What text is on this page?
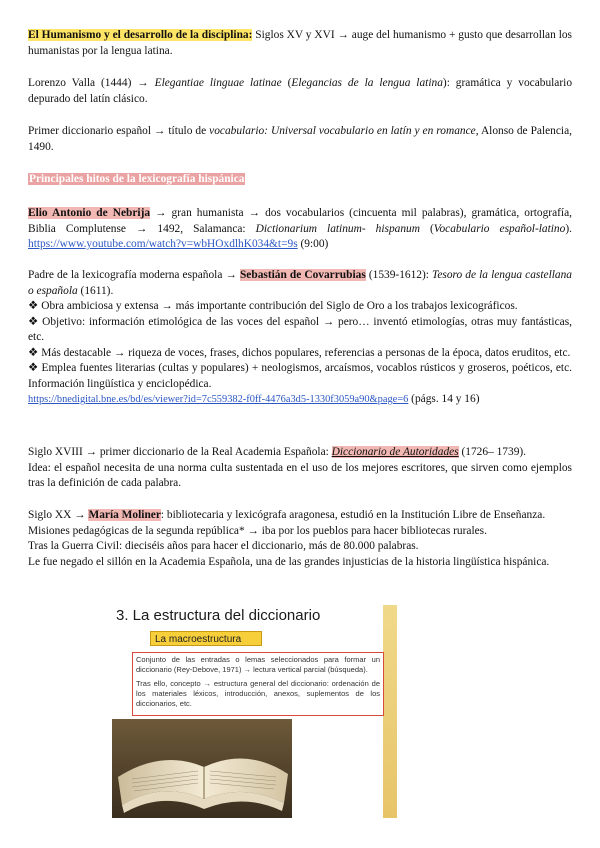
El Humanismo y el desarrollo de la disciplina: Siglos XV y XVI → auge del humanismo + gusto que desarrollan los humanistas por la lengua latina.

Lorenzo Valla (1444) → Elegantiae linguae latinae (Elegancias de la lengua latina): gramática y vocabulario depurado del latín clásico.

Primer diccionario español → título de vocabulario: Universal vocabulario en latín y en romance, Alonso de Palencia, 1490.

Principales hitos de la lexicografía hispánica

Elio Antonio de Nebrija → gran humanista → dos vocabularios (cincuenta mil palabras), gramática, ortografía, Biblia Complutense → 1492, Salamanca: Dictionarium latinum- hispanum (Vocabulario español-latino). https://www.youtube.com/watch?v=wbHOxdlhK034&t=9s (9:00)

Padre de la lexicografía moderna española → Sebastián de Covarrubias (1539-1612): Tesoro de la lengua castellana o española (1611).
❖ Obra ambiciosa y extensa → más importante contribución del Siglo de Oro a los trabajos lexicográficos.
❖ Objetivo: información etimológica de las voces del español → pero… inventó etimologías, otras muy fantásticas, etc.
❖ Más destacable → riqueza de voces, frases, dichos populares, referencias a personas de la época, datos eruditos, etc.
❖ Emplea fuentes literarias (cultas y populares) + neologismos, arcaísmos, vocablos rústicos y groseros, poéticos, etc. Información lingüística y enciclopédica.
https://bnedigital.bne.es/bd/es/viewer?id=7c559382-f0ff-4476a3d5-1330f3059a90&page=6 (págs. 14 y 16)
Siglo XVIII → primer diccionario de la Real Academia Española: Diccionario de Autoridades (1726– 1739).
Idea: el español necesita de una norma culta sustentada en el uso de los mejores escritores, que sirven como ejemplos tras la definición de cada palabra.
Siglo XX → María Moliner: bibliotecaria y lexicógrafa aragonesa, estudió en la Institución Libre de Enseñanza.
Misiones pedagógicas de la segunda república* → iba por los pueblos para hacer bibliotecas rurales.
Tras la Guerra Civil: dieciséis años para hacer el diccionario, más de 80.000 palabras.
Le fue negado el sillón en la Academia Española, una de las grandes injusticias de la historia lingüística hispánica.
3. La estructura del diccionario
La macroestructura

Conjunto de las entradas o lemas seleccionados para formar un diccionario (Rey-Debove, 1971) → lectura vertical parcial (búsqueda).

Tras ello, concepto → estructura general del diccionario: ordenación de los materiales léxicos, introducción, anexos, suplementos de los diccionarios, etc.
